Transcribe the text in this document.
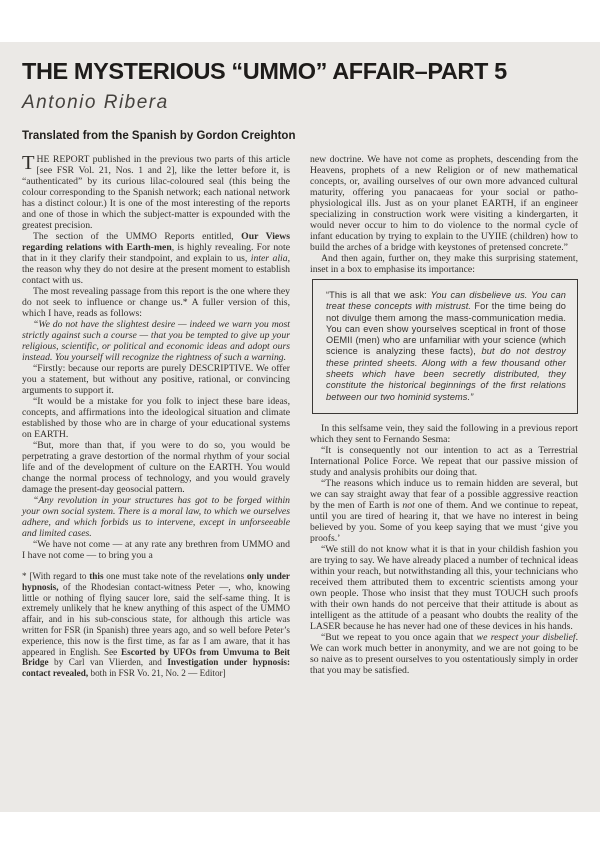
THE MYSTERIOUS “UMMO” AFFAIR–PART 5
Antonio Ribera
Translated from the Spanish by Gordon Creighton

THE REPORT published in the previous two parts of this article [see FSR Vol. 21, Nos. 1 and 2], like the letter before it, is “authenticated” by its curious lilac-coloured seal (this being the colour corresponding to the Spanish network; each national network has a distinct colour.) It is one of the most interesting of the reports and one of those in which the subject-matter is expounded with the greatest precision.

The section of the UMMO Reports entitled, Our Views regarding relations with Earth-men, is highly revealing. For note that in it they clarify their standpoint, and explain to us, inter alia, the reason why they do not desire at the present moment to establish contact with us.

The most revealing passage from this report is the one where they do not seek to influence or change us.* A fuller version of this, which I have, reads as follows:

“We do not have the slightest desire — indeed we warn you most strictly against such a course — that you be tempted to give up your religious, scientific, or political and economic ideas and adopt ours instead. You yourself will recognize the rightness of such a warning.

“Firstly: because our reports are purely DESCRIPTIVE. We offer you a statement, but without any positive, rational, or convincing arguments to support it.

“It would be a mistake for you folk to inject these bare ideas, concepts, and affirmations into the ideological situation and climate established by those who are in charge of your educational systems on EARTH.

“But, more than that, if you were to do so, you would be perpetrating a grave destortion of the normal rhythm of your social life and of the development of culture on the EARTH. You would change the normal process of technology, and you would gravely damage the present-day geosocial pattern.

“Any revolution in your structures has got to be forged within your own social system. There is a moral law, to which we ourselves adhere, and which forbids us to intervene, except in unforseeable and limited cases.

“We have not come — at any rate any brethren from UMMO and I have not come — to bring you a

* [With regard to this one must take note of the revelations only under hypnosis, of the Rhodesian contact-witness Peter —, who, knowing little or nothing of flying saucer lore, said the self-same thing. It is extremely unlikely that he knew anything of this aspect of the UMMO affair, and in his sub-conscious state, for although this article was written for FSR (in Spanish) three years ago, and so well before Peter’s experience, this now is the first time, as far as I am aware, that it has appeared in English. See Escorted by UFOs from Umvuma to Beit Bridge by Carl van Vlierden, and Investigation under hypnosis: contact revealed, both in FSR Vo. 21, No. 2 — Editor]

new doctrine. We have not come as prophets, descending from the Heavens, prophets of a new Religion or of new mathematical concepts, or, availing ourselves of our own more advanced cultural maturity, offering you panacaeas for your social or patho-physiological ills. Just as on your planet EARTH, if an engineer specializing in construction work were visiting a kindergarten, it would never occur to him to do violence to the normal cycle of infant education by trying to explain to the UYIIE (children) how to build the arches of a bridge with keystones of pretensed concrete.”

And then again, further on, they make this surprising statement, inset in a box to emphasise its importance:

“This is all that we ask: You can disbelieve us. You can treat these concepts with mistrust. For the time being do not divulge them among the mass-communication media. You can even show yourselves sceptical in front of those OEMII (men) who are unfamiliar with your science (which science is analyzing these facts), but do not destroy these printed sheets. Along with a few thousand other sheets which have been secretly distributed, they constitute the historical beginnings of the first relations between our two hominid systems.”

In this selfsame vein, they said the following in a previous report which they sent to Fernando Sesma:

“It is consequently not our intention to act as a Terrestrial International Police Force. We repeat that our passive mission of study and analysis prohibits our doing that.

“The reasons which induce us to remain hidden are several, but we can say straight away that fear of a possible aggressive reaction by the men of Earth is not one of them. And we continue to repeat, until you are tired of hearing it, that we have no interest in being believed by you. Some of you keep saying that we must ‘give you proofs.’

“We still do not know what it is that in your childish fashion you are trying to say. We have already placed a number of technical ideas within your reach, but notwithstanding all this, your technicians who received them attributed them to excentric scientists among your own people. Those who insist that they must TOUCH such proofs with their own hands do not perceive that their attitude is about as intelligent as the attitude of a peasant who doubts the reality of the LASER because he has never had one of these devices in his hands.

“But we repeat to you once again that we respect your disbelief. We can work much better in anonymity, and we are not going to be so naive as to present ourselves to you ostentatiously simply in order that you may be satisfied.
